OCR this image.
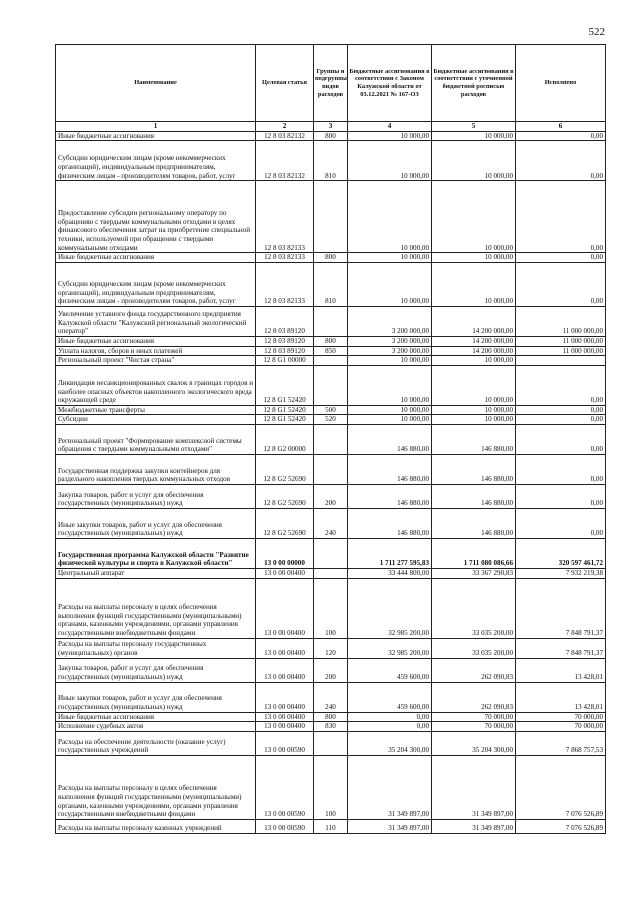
522
Наименование	Целевая статья	Группы и подгруппы видов расходов	Бюджетные ассигнования в соответствии с Законом Калужской области от 03.12.2021 № 167-ОЗ	Бюджетные ассигнования в соответствии с уточненной бюджетной росписью расходов	Исполнено
1	2	3	4	5	6
Иные бюджетные ассигнования	12 8 03 82132	800	10 000,00	10 000,00	0,00
Субсидии юридическим лицам (кроме некоммерческих организаций), индивидуальным предпринимателям, физическим лицам - производителям товаров, работ, услуг	12 8 03 82132	810	10 000,00	10 000,00	0,00
Предоставление субсидии региональному оператору по обращению с твердыми коммунальными отходами в целях финансового обеспечения затрат на приобретение специальной техники, используемой при обращении с твердыми коммунальными отходами	12 8 03 82133		10 000,00	10 000,00	0,00
Иные бюджетные ассигнования	12 8 03 82133	800	10 000,00	10 000,00	0,00
Субсидии юридическим лицам (кроме некоммерческих организаций), индивидуальным предпринимателям, физическим лицам - производителям товаров, работ, услуг	12 8 03 82133	810	10 000,00	10 000,00	0,00
Увеличение уставного фонда государственного предприятия Калужской области "Калужский региональный экологический оператор"	12 8 03 89120		3 200 000,00	14 200 000,00	11 000 000,00
Иные бюджетные ассигнования	12 8 03 89120	800	3 200 000,00	14 200 000,00	11 000 000,00
Уплата налогов, сборов и иных платежей	12 8 03 89120	850	3 200 000,00	14 200 000,00	11 000 000,00
Региональный проект "Чистая страна"	12 8 G1 00000		10 000,00	10 000,00	
Ликвидация несанкционированных свалок в границах городов и наиболее опасных объектов накопленного экологического вреда окружающей среде	12 8 G1 52420		10 000,00	10 000,00	0,00
Межбюджетные трансферты	12 8 G1 52420	500	10 000,00	10 000,00	0,00
Субсидии	12 8 G1 52420	520	10 000,00	10 000,00	0,00
Региональный проект "Формирование комплексной системы обращения с твердыми коммунальными отходами"	12 8 G2 00000		146 880,00	146 880,00	0,00
Государственная поддержка закупки контейнеров для раздельного накопления твердых коммунальных отходов	12 8 G2 52690		146 880,00	146 880,00	0,00
Закупка товаров, работ и услуг для обеспечения государственных (муниципальных) нужд	12 8 G2 52690	200	146 880,00	146 880,00	0,00
Иные закупки товаров, работ и услуг для обеспечения государственных (муниципальных) нужд	12 8 G2 52690	240	146 880,00	146 880,00	0,00
Государственная программа Калужской области "Развитие физической культуры и спорта в Калужской области"	13 0 00 00000		1 711 277 595,83	1 711 080 086,66	320 597 461,72
Центральный аппарат	13 0 00 00400		33 444 800,00	33 367 290,83	7 932 219,38
Расходы на выплаты персоналу в целях обеспечения выполнения функций государственными (муниципальными) органами, казенными учреждениями, органами управления государственными внебюджетными фондами	13 0 00 00400	100	32 985 200,00	33 035 200,00	7 848 791,37
Расходы на выплаты персоналу государственных (муниципальных) органов	13 0 00 00400	120	32 985 200,00	33 035 200,00	7 848 791,37
Закупка товаров, работ и услуг для обеспечения государственных (муниципальных) нужд	13 0 00 00400	200	459 600,00	262 090,83	13 428,01
Иные закупки товаров, работ и услуг для обеспечения государственных (муниципальных) нужд	13 0 00 00400	240	459 600,00	262 090,83	13 428,01
Иные бюджетные ассигнования	13 0 00 00400	800	0,00	70 000,00	70 000,00
Исполнение судебных актов	13 0 00 00400	830	0,00	70 000,00	70 000,00
Расходы на обеспечение деятельности (оказание услуг) государственных учреждений	13 0 00 00590		35 204 300,00	35 204 300,00	7 868 757,53
Расходы на выплаты персоналу в целях обеспечения выполнения функций государственными (муниципальными) органами, казенными учреждениями, органами управления государственными внебюджетными фондами	13 0 00 00590	100	31 349 897,00	31 349 897,00	7 076 526,89
Расходы на выплаты персоналу казенных учреждений	13 0 00 00590	110	31 349 897,00	31 349 897,00	7 076 526,89
